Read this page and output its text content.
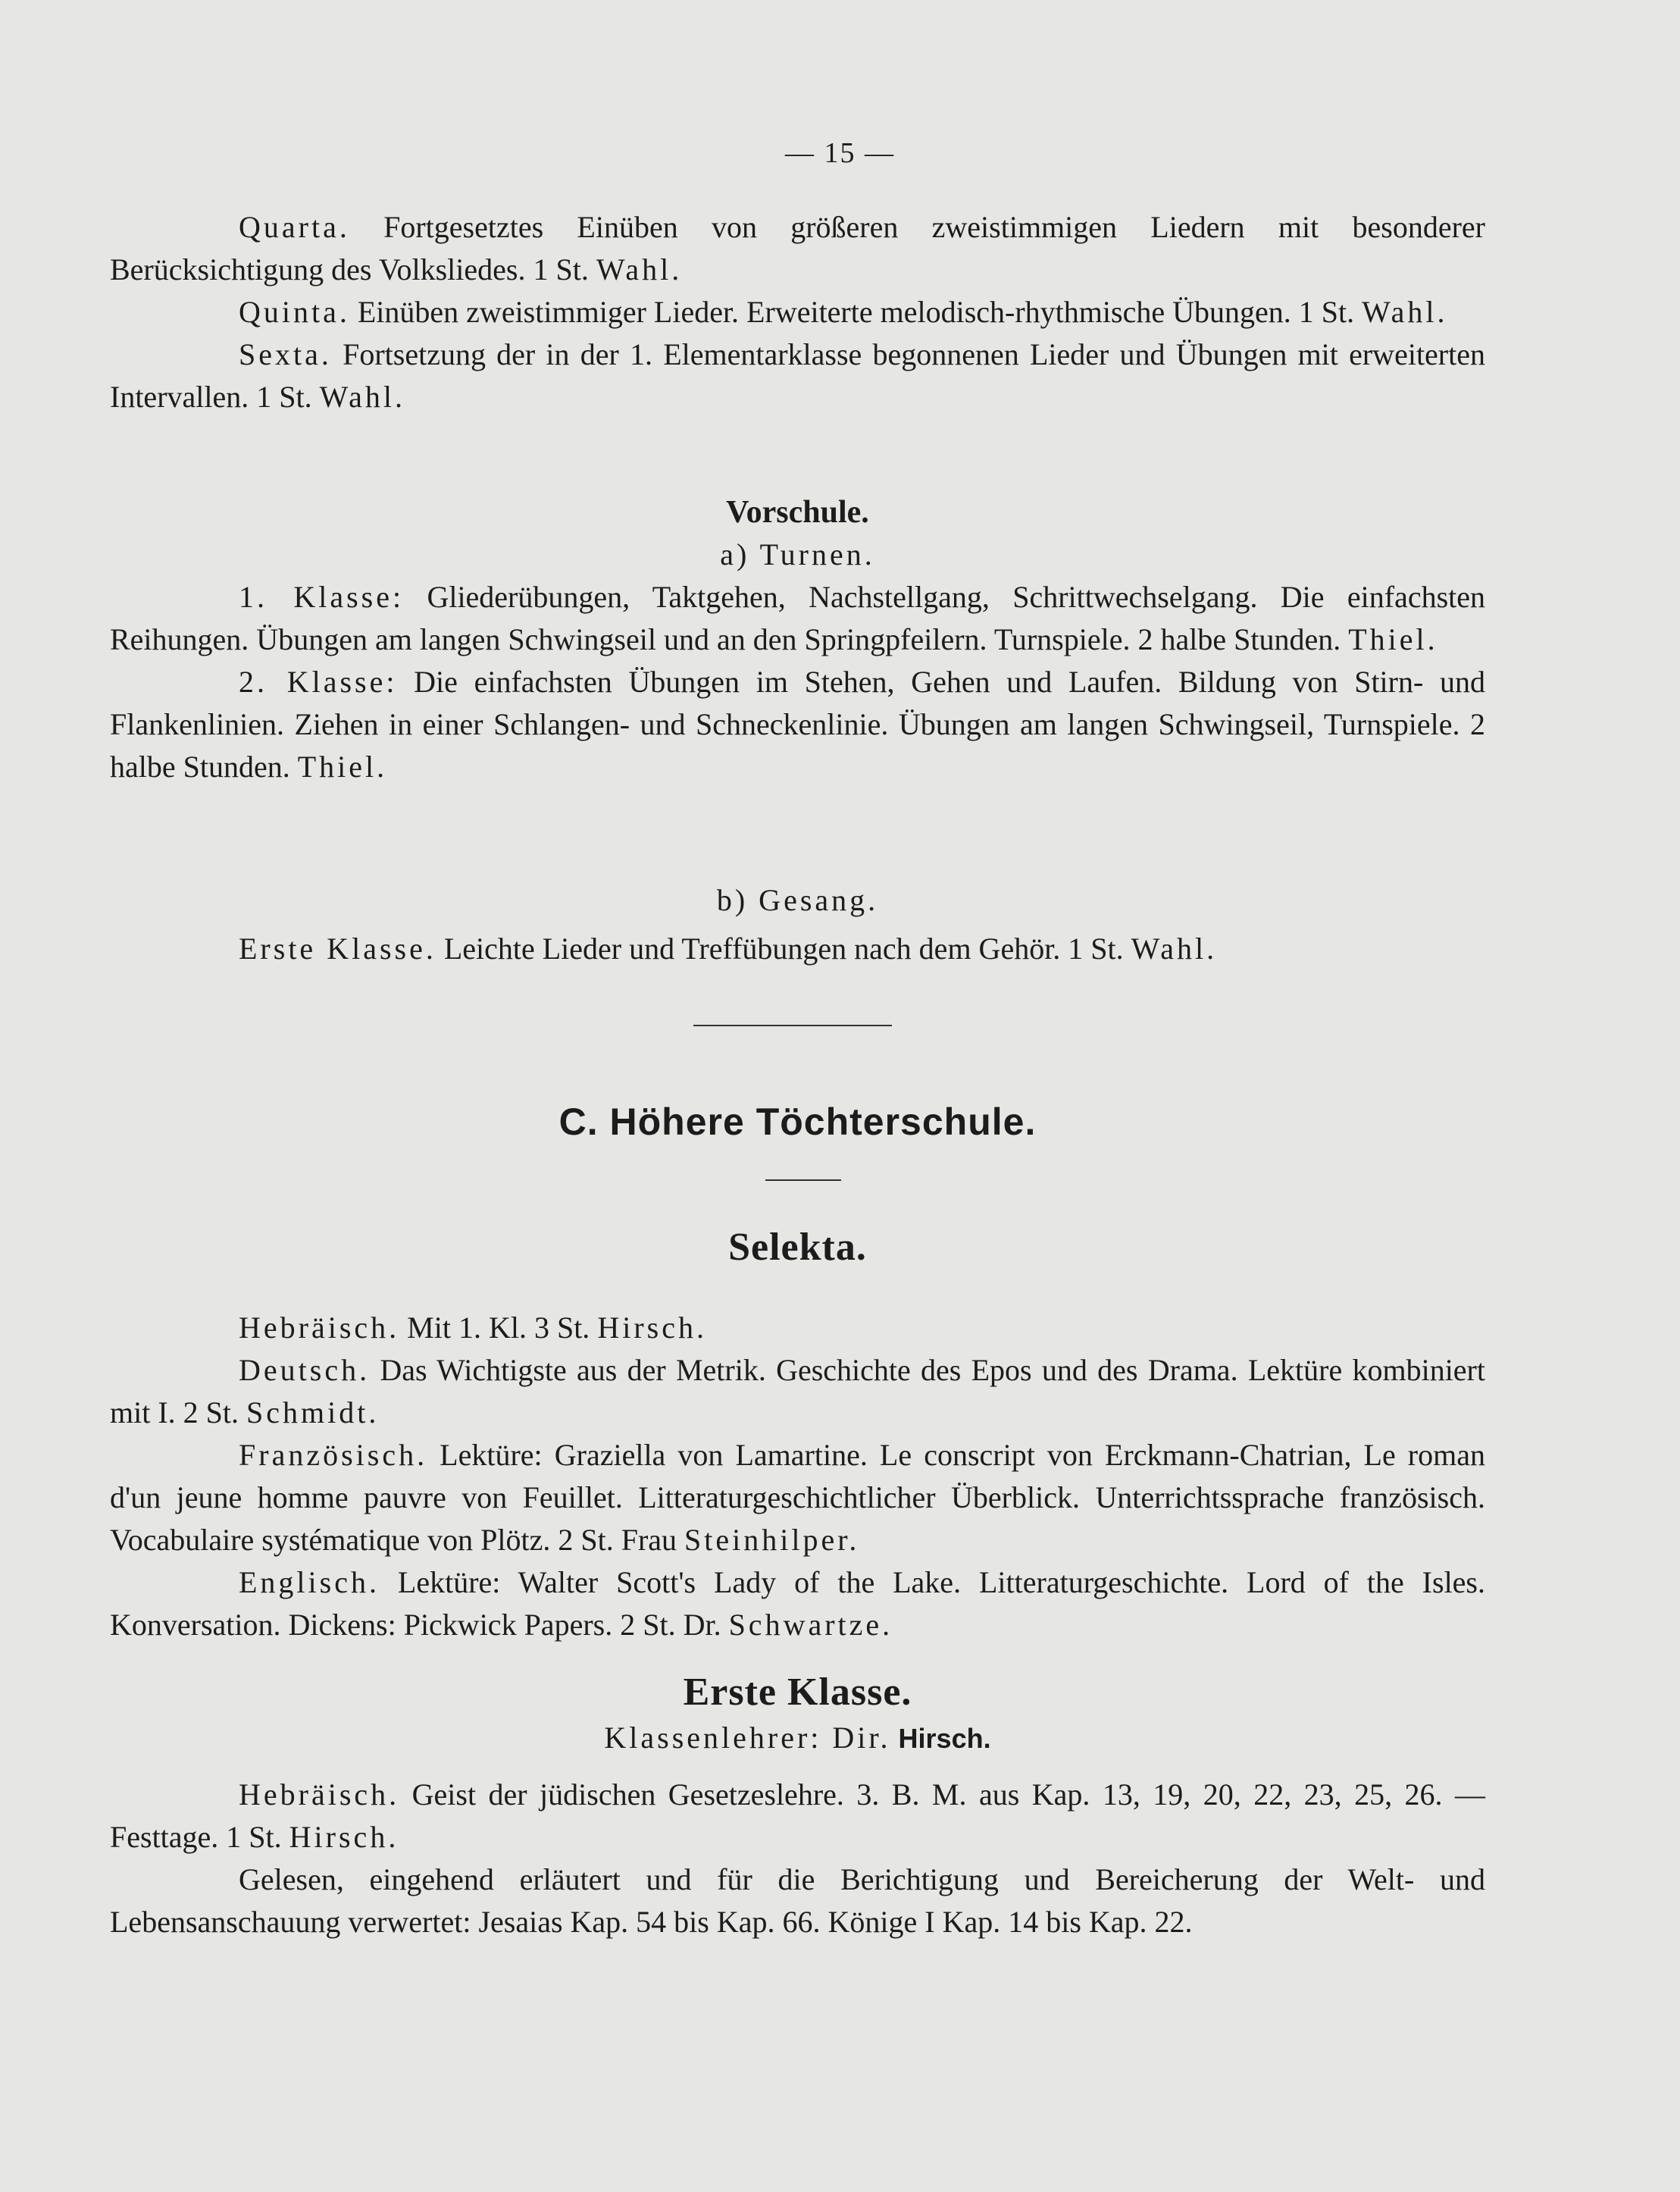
— 15 —

Quarta. Fortgesetztes Einüben von größeren zweistimmigen Liedern mit besonderer Berücksichtigung des Volksliedes. 1 St. Wahl.

Quinta. Einüben zweistimmiger Lieder. Erweiterte melodisch-rhythmische Übungen. 1 St. Wahl.

Sexta. Fortsetzung der in der 1. Elementarklasse begonnenen Lieder und Übungen mit erweiterten Intervallen. 1 St. Wahl.

Vorschule.

a) Turnen.

1. Klasse: Gliederübungen, Taktgehen, Nachstellgang, Schrittwechselgang. Die einfachsten Reihungen. Übungen am langen Schwingseil und an den Springpfeilern. Turnspiele. 2 halbe Stunden. Thiel.

2. Klasse: Die einfachsten Übungen im Stehen, Gehen und Laufen. Bildung von Stirn- und Flankenlinien. Ziehen in einer Schlangen- und Schneckenlinie. Übungen am langen Schwingseil, Turnspiele. 2 halbe Stunden. Thiel.

b) Gesang.

Erste Klasse. Leichte Lieder und Treffübungen nach dem Gehör. 1 St. Wahl.

C. Höhere Töchterschule.

Selekta.

Hebräisch. Mit 1. Kl. 3 St. Hirsch.

Deutsch. Das Wichtigste aus der Metrik. Geschichte des Epos und des Drama. Lektüre kombiniert mit I. 2 St. Schmidt.

Französisch. Lektüre: Graziella von Lamartine. Le conscript von Erckmann-Chatrian, Le roman d'un jeune homme pauvre von Feuillet. Litteraturgeschichtlicher Überblick. Unterrichtssprache französisch. Vocabulaire systématique von Plötz. 2 St. Frau Steinhilper.

Englisch. Lektüre: Walter Scott's Lady of the Lake. Litteraturgeschichte. Lord of the Isles. Konversation. Dickens: Pickwick Papers. 2 St. Dr. Schwartze.

Erste Klasse.

Klassenlehrer: Dir. Hirsch.

Hebräisch. Geist der jüdischen Gesetzeslehre. 3. B. M. aus Kap. 13, 19, 20, 22, 23, 25, 26. — Festtage. 1 St. Hirsch.

Gelesen, eingehend erläutert und für die Berichtigung und Bereicherung der Welt- und Lebensanschauung verwertet: Jesaias Kap. 54 bis Kap. 66. Könige I Kap. 14 bis Kap. 22.
